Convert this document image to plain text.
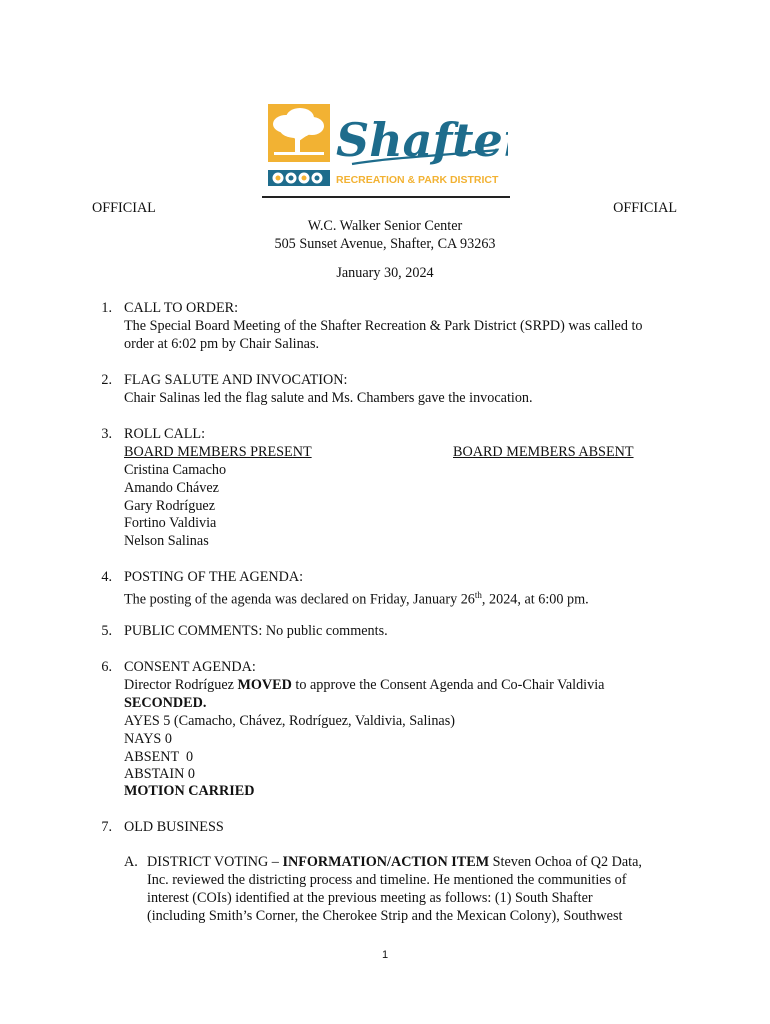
Shafter
RECREATION & PARK DISTRICT
OFFICIAL	OFFICIAL
W.C. Walker Senior Center
505 Sunset Avenue, Shafter, CA 93263
January 30, 2024
1. CALL TO ORDER:
The Special Board Meeting of the Shafter Recreation & Park District (SRPD) was called to
order at 6:02 pm by Chair Salinas.
2. FLAG SALUTE AND INVOCATION:
Chair Salinas led the flag salute and Ms. Chambers gave the invocation.
3. ROLL CALL:
BOARD MEMBERS PRESENT	BOARD MEMBERS ABSENT
Cristina Camacho
Amando Chávez
Gary Rodríguez
Fortino Valdivia
Nelson Salinas
4. POSTING OF THE AGENDA:
The posting of the agenda was declared on Friday, January 26th, 2024, at 6:00 pm.
5. PUBLIC COMMENTS: No public comments.
6. CONSENT AGENDA:
Director Rodríguez MOVED to approve the Consent Agenda and Co-Chair Valdivia
SECONDED.
AYES 5 (Camacho, Chávez, Rodríguez, Valdivia, Salinas)
NAYS 0
ABSENT  0
ABSTAIN 0
MOTION CARRIED
7. OLD BUSINESS
A. DISTRICT VOTING – INFORMATION/ACTION ITEM Steven Ochoa of Q2 Data,
Inc. reviewed the districting process and timeline. He mentioned the communities of
interest (COIs) identified at the previous meeting as follows: (1) South Shafter
(including Smith’s Corner, the Cherokee Strip and the Mexican Colony), Southwest
1
